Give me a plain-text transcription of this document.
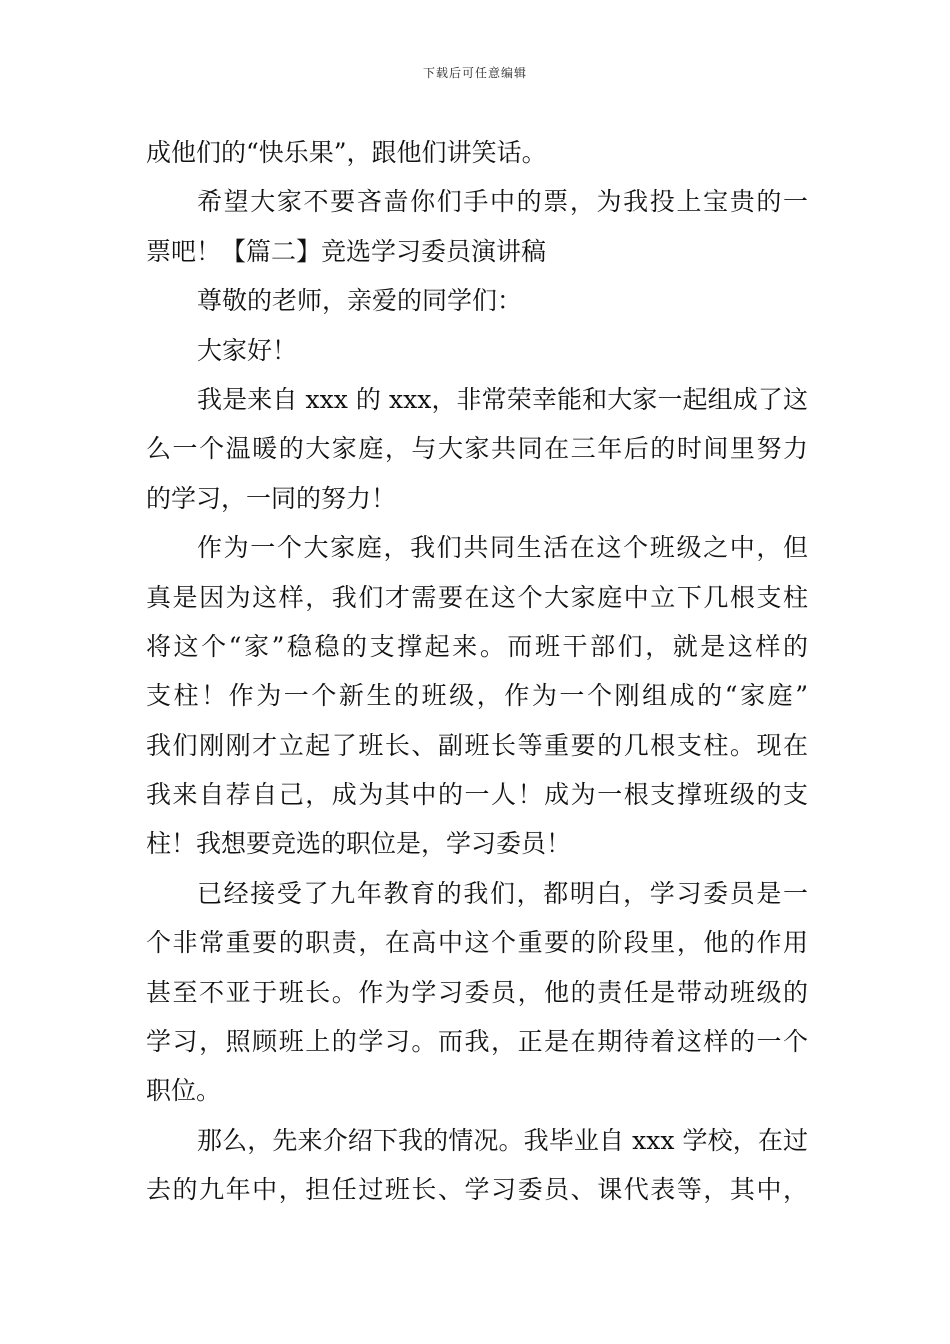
下载后可任意编辑
成他们的“快乐果”，跟他们讲笑话。
希望大家不要吝啬你们手中的票，为我投上宝贵的一
票吧！【篇二】竞选学习委员演讲稿
尊敬的老师，亲爱的同学们：
大家好！
我是来自 xxx 的 xxx，非常荣幸能和大家一起组成了这
么一个温暖的大家庭，与大家共同在三年后的时间里努力
的学习，一同的努力！
作为一个大家庭，我们共同生活在这个班级之中，但
真是因为这样，我们才需要在这个大家庭中立下几根支柱
将这个“家”稳稳的支撑起来。而班干部们，就是这样的
支柱！作为一个新生的班级，作为一个刚组成的“家庭”
我们刚刚才立起了班长、副班长等重要的几根支柱。现在
我来自荐自己，成为其中的一人！成为一根支撑班级的支
柱！我想要竞选的职位是，学习委员！
已经接受了九年教育的我们，都明白，学习委员是一
个非常重要的职责，在高中这个重要的阶段里，他的作用
甚至不亚于班长。作为学习委员，他的责任是带动班级的
学习，照顾班上的学习。而我，正是在期待着这样的一个
职位。
那么，先来介绍下我的情况。我毕业自 xxx 学校，在过
去的九年中，担任过班长、学习委员、课代表等，其中，
